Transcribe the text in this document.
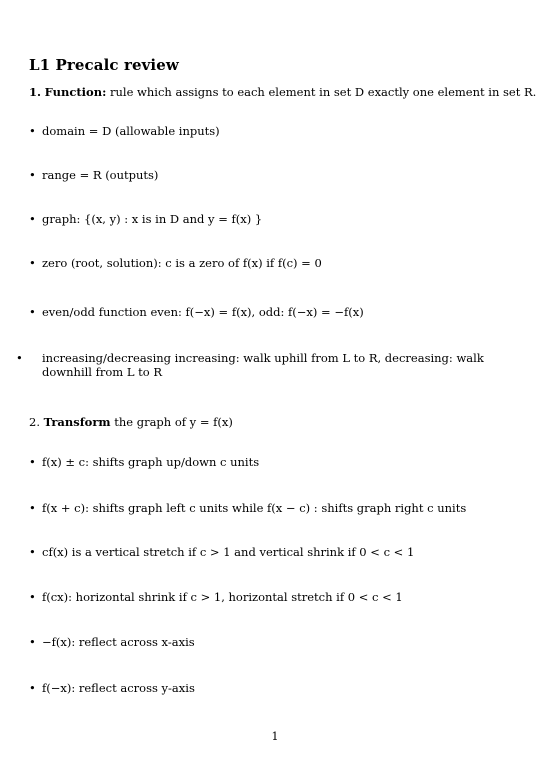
L1 Precalc review
1. Function: rule which assigns to each element in set D exactly one element in set R.
• domain = D (allowable inputs)
• range = R (outputs)
• graph: {(x, y) : x is in D and y = f(x) }
• zero (root, solution): c is a zero of f(x) if f(c) = 0
• even/odd function even: f(−x) = f(x), odd: f(−x) = −f(x)
• increasing/decreasing increasing: walk uphill from L to R, decreasing: walk downhill from L to R
2. Transform the graph of y = f(x)
• f(x) ± c: shifts graph up/down c units
• f(x + c): shifts graph left c units while f(x − c) : shifts graph right c units
• cf(x) is a vertical stretch if c > 1 and vertical shrink if 0 < c < 1
• f(cx): horizontal shrink if c > 1, horizontal stretch if 0 < c < 1
• −f(x): reflect across x-axis
• f(−x): reflect across y-axis
1
